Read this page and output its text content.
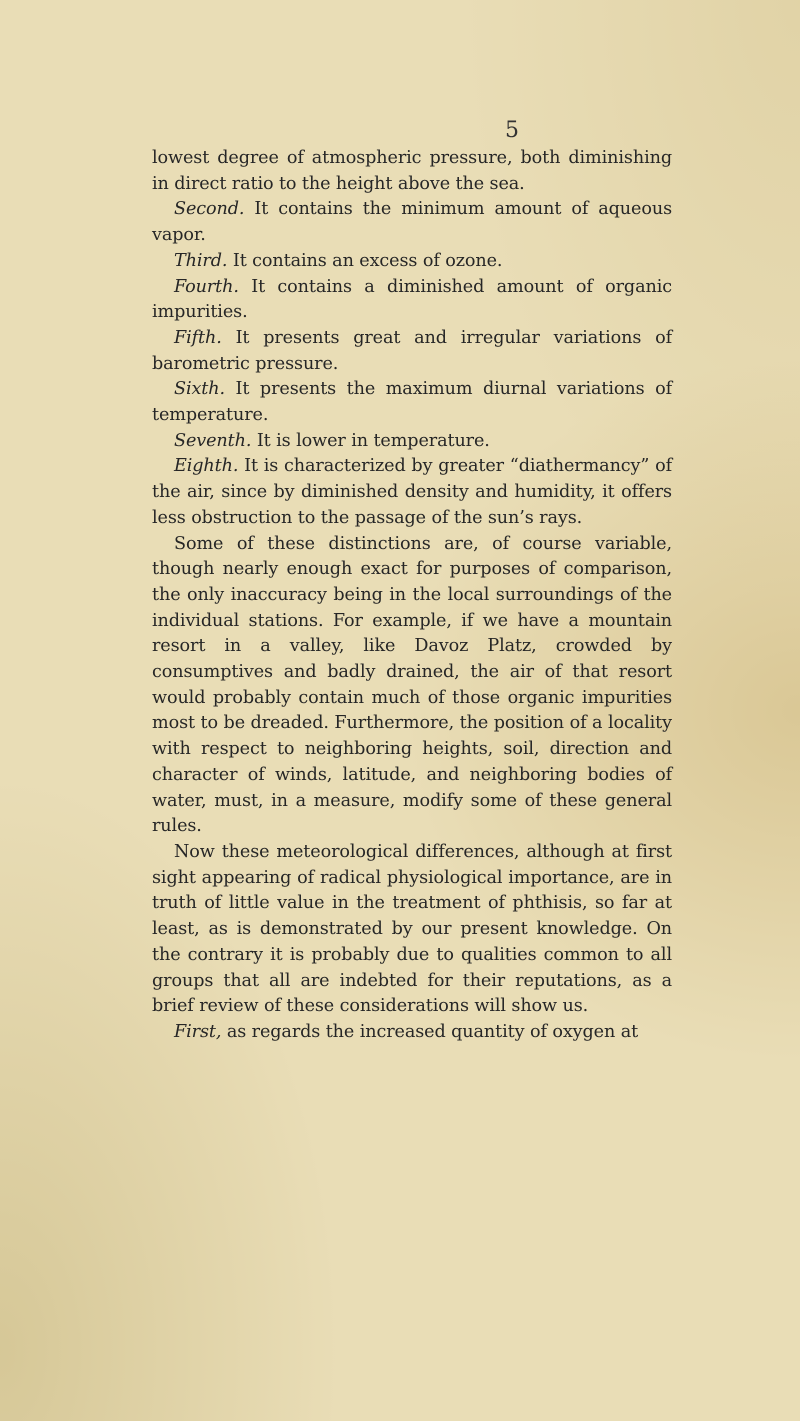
5

lowest degree of atmospheric pressure, both diminishing in direct ratio to the height above the sea.

Second. It contains the minimum amount of aqueous vapor.

Third. It contains an excess of ozone.

Fourth. It contains a diminished amount of organic impurities.

Fifth. It presents great and irregular variations of barometric pressure.

Sixth. It presents the maximum diurnal variations of temperature.

Seventh. It is lower in temperature.

Eighth. It is characterized by greater “diathermancy” of the air, since by diminished density and humidity, it offers less obstruction to the passage of the sun’s rays.

Some of these distinctions are, of course variable, though nearly enough exact for purposes of comparison, the only inaccuracy being in the local surroundings of the individual stations. For example, if we have a mountain resort in a valley, like Davoz Platz, crowded by consumptives and badly drained, the air of that resort would probably contain much of those organic impurities most to be dreaded. Furthermore, the position of a locality with respect to neighboring heights, soil, direction and character of winds, latitude, and neighboring bodies of water, must, in a measure, modify some of these general rules.

Now these meteorological differences, although at first sight appearing of radical physiological importance, are in truth of little value in the treatment of phthisis, so far at least, as is demonstrated by our present knowledge. On the contrary it is probably due to qualities common to all groups that all are indebted for their reputations, as a brief review of these considerations will show us.

First, as regards the increased quantity of oxygen at
